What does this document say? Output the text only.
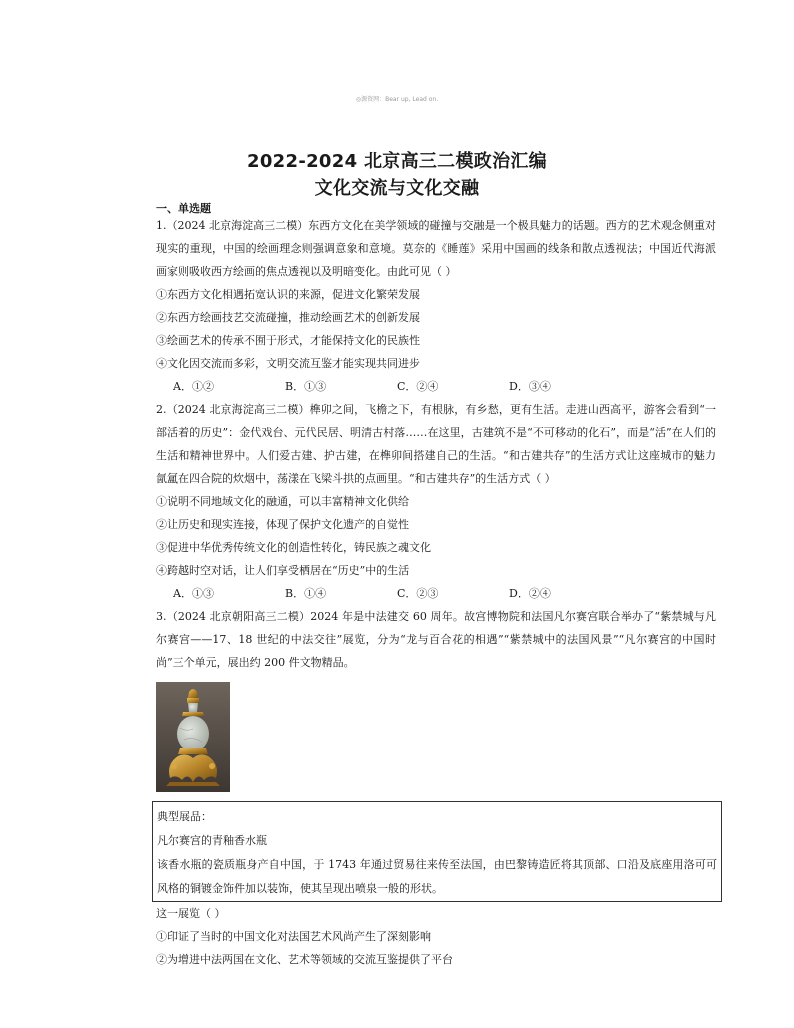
◎源资网：Bear up, Lead on.
2022-2024 北京高三二模政治汇编
文化交流与文化交融
一、单选题

1.（2024 北京海淀高三二模）东西方文化在美学领域的碰撞与交融是一个极具魅力的话题。西方的艺术观念侧重对现实的重现，中国的绘画理念则强调意象和意境。莫奈的《睡莲》采用中国画的线条和散点透视法；中国近代海派画家则吸收西方绘画的焦点透视以及明暗变化。由此可见（ ）

①东西方文化相遇拓宽认识的来源，促进文化繁荣发展

②东西方绘画技艺交流碰撞，推动绘画艺术的创新发展

③绘画艺术的传承不囿于形式，才能保持文化的民族性

④文化因交流而多彩，文明交流互鉴才能实现共同进步

A．①②	B．①③	C．②④	D．③④

2.（2024 北京海淀高三二模）榫卯之间，飞檐之下，有根脉，有乡愁，更有生活。走进山西高平，游客会看到“一部活着的历史”：金代戏台、元代民居、明清古村落……在这里，古建筑不是“不可移动的化石”，而是“活”在人们的生活和精神世界中。人们爱古建、护古建，在榫卯间搭建自己的生活。“和古建共存”的生活方式让这座城市的魅力氤氲在四合院的炊烟中，荡漾在飞梁斗拱的点画里。“和古建共存”的生活方式（ ）

①说明不同地域文化的融通，可以丰富精神文化供给

②让历史和现实连接，体现了保护文化遗产的自觉性

③促进中华优秀传统文化的创造性转化，铸民族之魂文化

④跨越时空对话，让人们享受栖居在“历史”中的生活

A．①③	B．①④	C．②③	D．②④

3.（2024 北京朝阳高三二模）2024 年是中法建交 60 周年。故宫博物院和法国凡尔赛宫联合举办了“紫禁城与凡尔赛宫——17、18 世纪的中法交往”展览，分为“龙与百合花的相遇”“紫禁城中的法国风景”“凡尔赛宫的中国时尚”三个单元，展出约 200 件文物精品。

典型展品：

凡尔赛宫的青釉香水瓶

该香水瓶的瓷质瓶身产自中国，于 1743 年通过贸易往来传至法国，由巴黎铸造匠将其顶部、口沿及底座用洛可可风格的铜镀金饰件加以装饰，使其呈现出喷泉一般的形状。

这一展览（ ）

①印证了当时的中国文化对法国艺术风尚产生了深刻影响

②为增进中法两国在文化、艺术等领域的交流互鉴提供了平台
